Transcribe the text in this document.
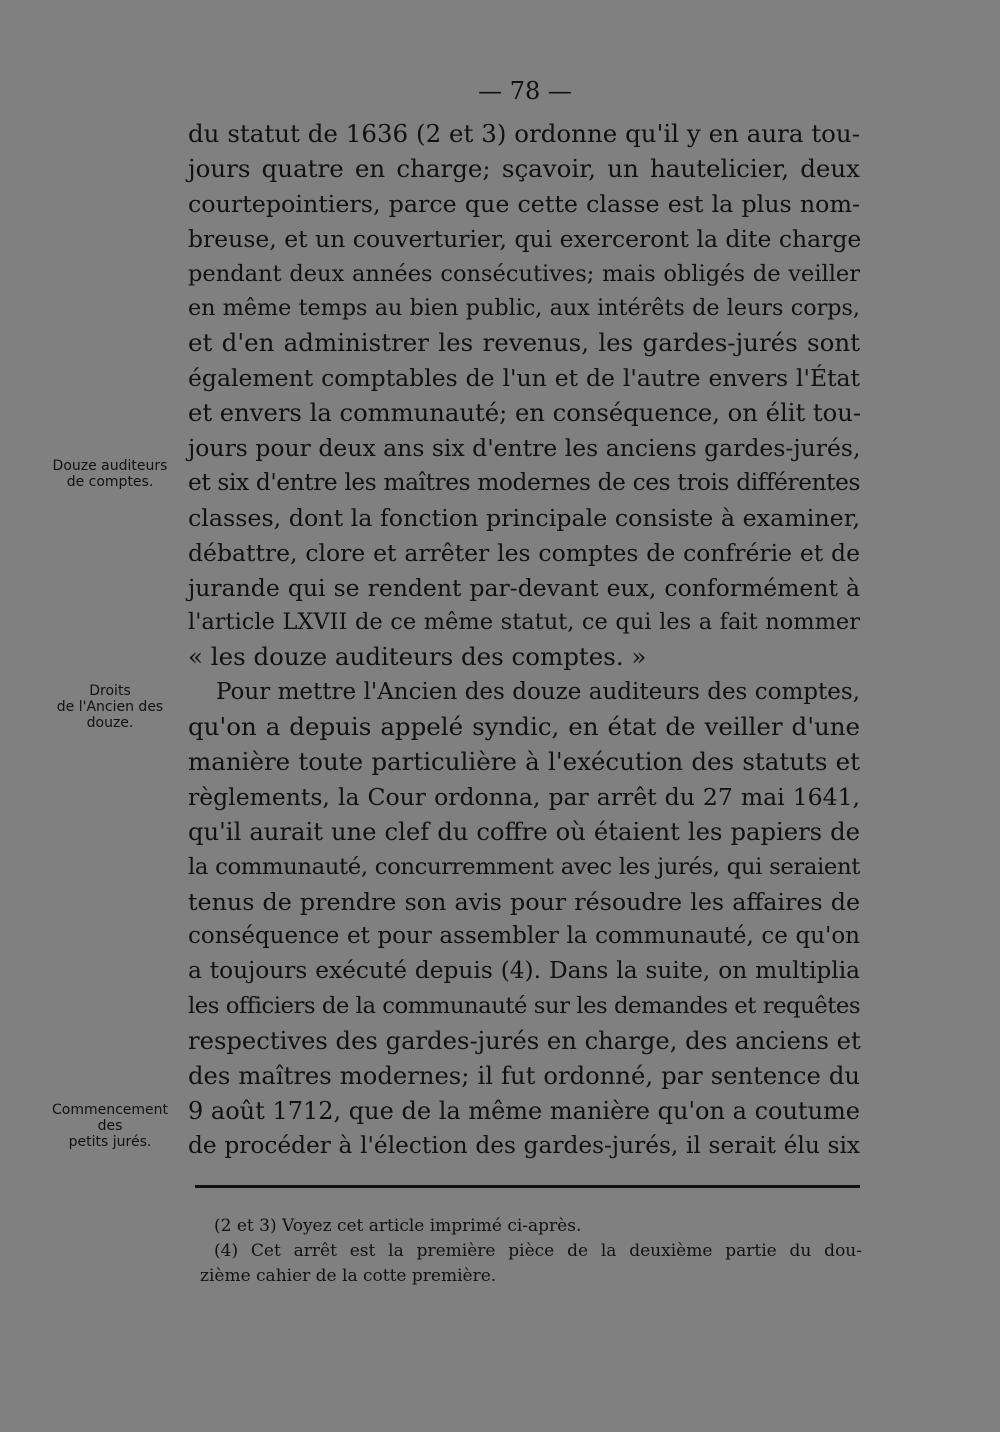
— 78 —
Douze auditeurs
de comptes.
Droits
de l'Ancien des
douze.
Commencement
des
petits jurés.
du statut de 1636 (2 et 3) ordonne qu'il y en aura tou-
jours quatre en charge; sçavoir, un hautelicier, deux
courtepointiers, parce que cette classe est la plus nom-
breuse, et un couverturier, qui exerceront la dite charge
pendant deux années consécutives; mais obligés de veiller
en même temps au bien public, aux intérêts de leurs corps,
et d'en administrer les revenus, les gardes-jurés sont
également comptables de l'un et de l'autre envers l'État
et envers la communauté; en conséquence, on élit tou-
jours pour deux ans six d'entre les anciens gardes-jurés,
et six d'entre les maîtres modernes de ces trois différentes
classes, dont la fonction principale consiste à examiner,
débattre, clore et arrêter les comptes de confrérie et de
jurande qui se rendent par-devant eux, conformément à
l'article LXVII de ce même statut, ce qui les a fait nommer
« les douze auditeurs des comptes. »
Pour mettre l'Ancien des douze auditeurs des comptes,
qu'on a depuis appelé syndic, en état de veiller d'une
manière toute particulière à l'exécution des statuts et
règlements, la Cour ordonna, par arrêt du 27 mai 1641,
qu'il aurait une clef du coffre où étaient les papiers de
la communauté, concurremment avec les jurés, qui seraient
tenus de prendre son avis pour résoudre les affaires de
conséquence et pour assembler la communauté, ce qu'on
a toujours exécuté depuis (4). Dans la suite, on multiplia
les officiers de la communauté sur les demandes et requêtes
respectives des gardes-jurés en charge, des anciens et
des maîtres modernes; il fut ordonné, par sentence du
9 août 1712, que de la même manière qu'on a coutume
de procéder à l'élection des gardes-jurés, il serait élu six
(2 et 3) Voyez cet article imprimé ci-après.
(4) Cet arrêt est la première pièce de la deuxième partie du dou-
zième cahier de la cotte première.
